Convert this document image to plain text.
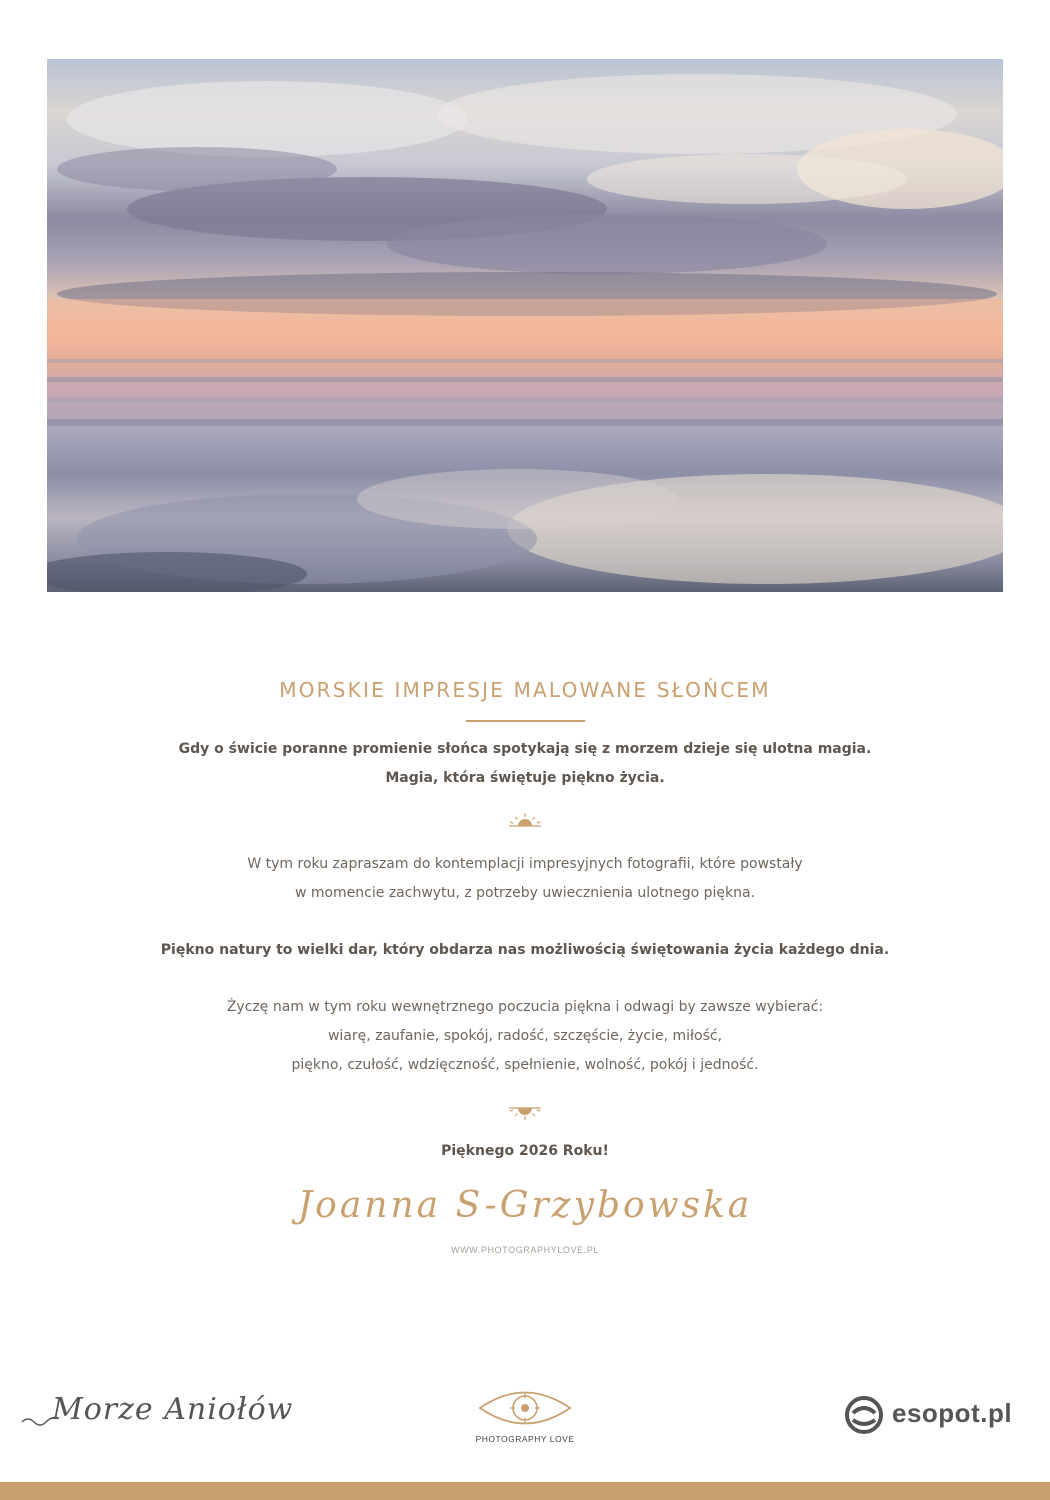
MORSKIE IMPRESJE MALOWANE SŁOŃCEM
Gdy o świcie poranne promienie słońca spotykają się z morzem dzieje się ulotna magia.
Magia, która świętuje piękno życia.
W tym roku zapraszam do kontemplacji impresyjnych fotografii, które powstały
w momencie zachwytu, z potrzeby uwiecznienia ulotnego piękna.
Piękno natury to wielki dar, który obdarza nas możliwością świętowania życia każdego dnia.
Życzę nam w tym roku wewnętrznego poczucia piękna i odwagi by zawsze wybierać:
wiarę, zaufanie, spokój, radość, szczęście, życie, miłość,
piękno, czułość, wdzięczność, spełnienie, wolność, pokój i jedność.
Pięknego 2026 Roku!
Joanna S-Grzybowska
WWW.PHOTOGRAPHYLOVE.PL
Morze Aniołów
PHOTOGRAPHY LOVE
esopot.pl
